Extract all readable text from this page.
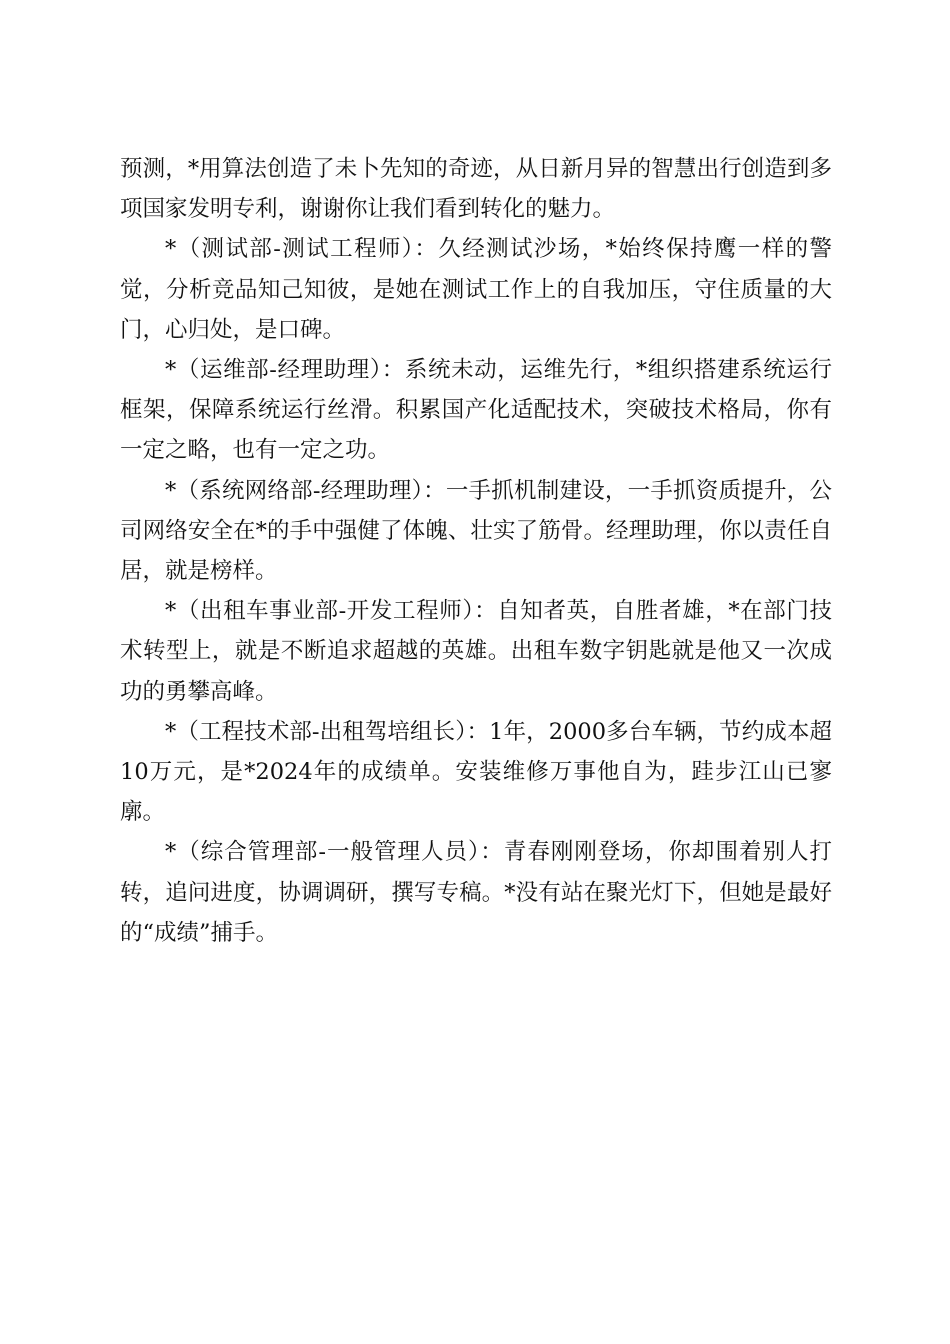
预测，*用算法创造了未卜先知的奇迹，从日新月异的智慧出行创造到多项国家发明专利，谢谢你让我们看到转化的魅力。

*（测试部-测试工程师）：久经测试沙场，*始终保持鹰一样的警觉，分析竞品知己知彼，是她在测试工作上的自我加压，守住质量的大门，心归处，是口碑。

*（运维部-经理助理）：系统未动，运维先行，*组织搭建系统运行框架，保障系统运行丝滑。积累国产化适配技术，突破技术格局，你有一定之略，也有一定之功。

*（系统网络部-经理助理）：一手抓机制建设，一手抓资质提升，公司网络安全在*的手中强健了体魄、壮实了筋骨。经理助理，你以责任自居，就是榜样。

*（出租车事业部-开发工程师）：自知者英，自胜者雄，*在部门技术转型上，就是不断追求超越的英雄。出租车数字钥匙就是他又一次成功的勇攀高峰。

*（工程技术部-出租驾培组长）：1年，2000多台车辆，节约成本超10万元，是*2024年的成绩单。安装维修万事他自为，跬步江山已寥廓。

*（综合管理部-一般管理人员）：青春刚刚登场，你却围着别人打转，追问进度，协调调研，撰写专稿。*没有站在聚光灯下，但她是最好的“成绩”捕手。
